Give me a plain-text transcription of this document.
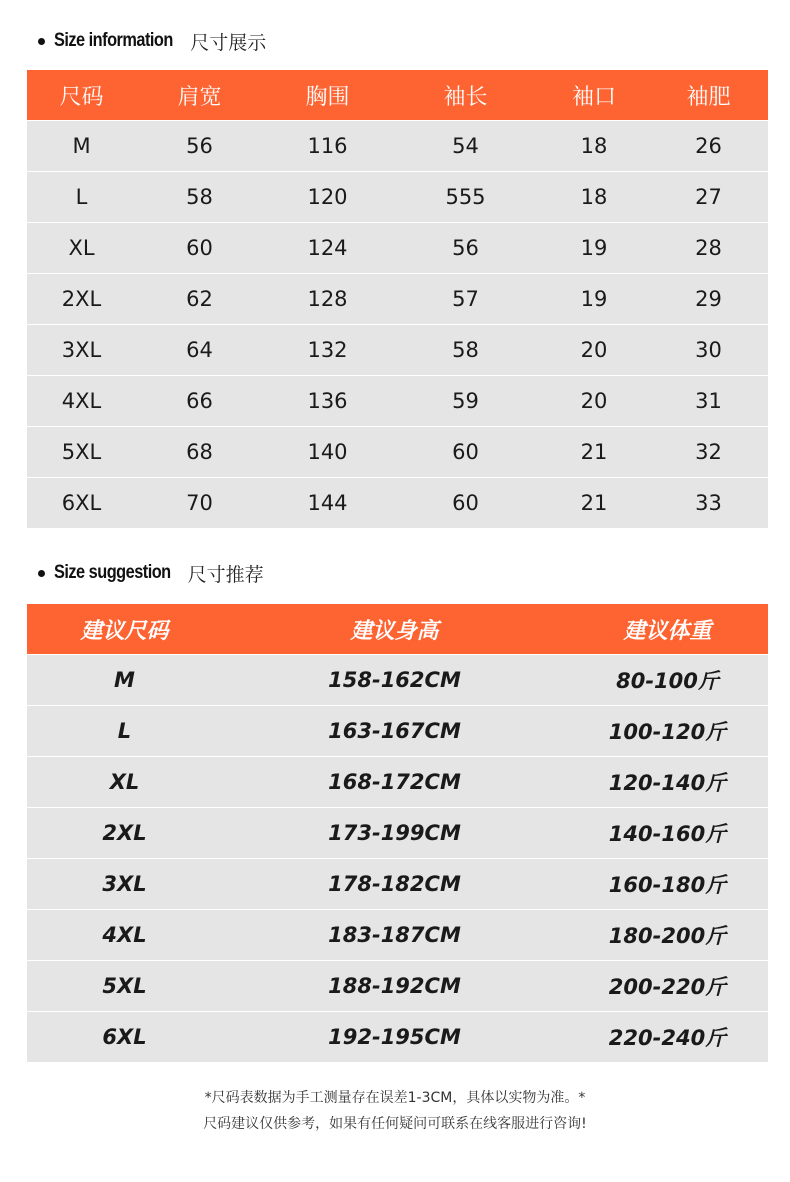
Size information 尺寸展示
尺码	肩宽	胸围	袖长	袖口	袖肥
M	56	116	54	18	26
L	58	120	555	18	27
XL	60	124	56	19	28
2XL	62	128	57	19	29
3XL	64	132	58	20	30
4XL	66	136	59	20	31
5XL	68	140	60	21	32
6XL	70	144	60	21	33
Size suggestion 尺寸推荐
建议尺码	建议身高	建议体重
M	158-162CM	80-100斤
L	163-167CM	100-120斤
XL	168-172CM	120-140斤
2XL	173-199CM	140-160斤
3XL	178-182CM	160-180斤
4XL	183-187CM	180-200斤
5XL	188-192CM	200-220斤
6XL	192-195CM	220-240斤
*尺码表数据为手工测量存在误差1-3CM，具体以实物为准。*
尺码建议仅供参考，如果有任何疑问可联系在线客服进行咨询!
